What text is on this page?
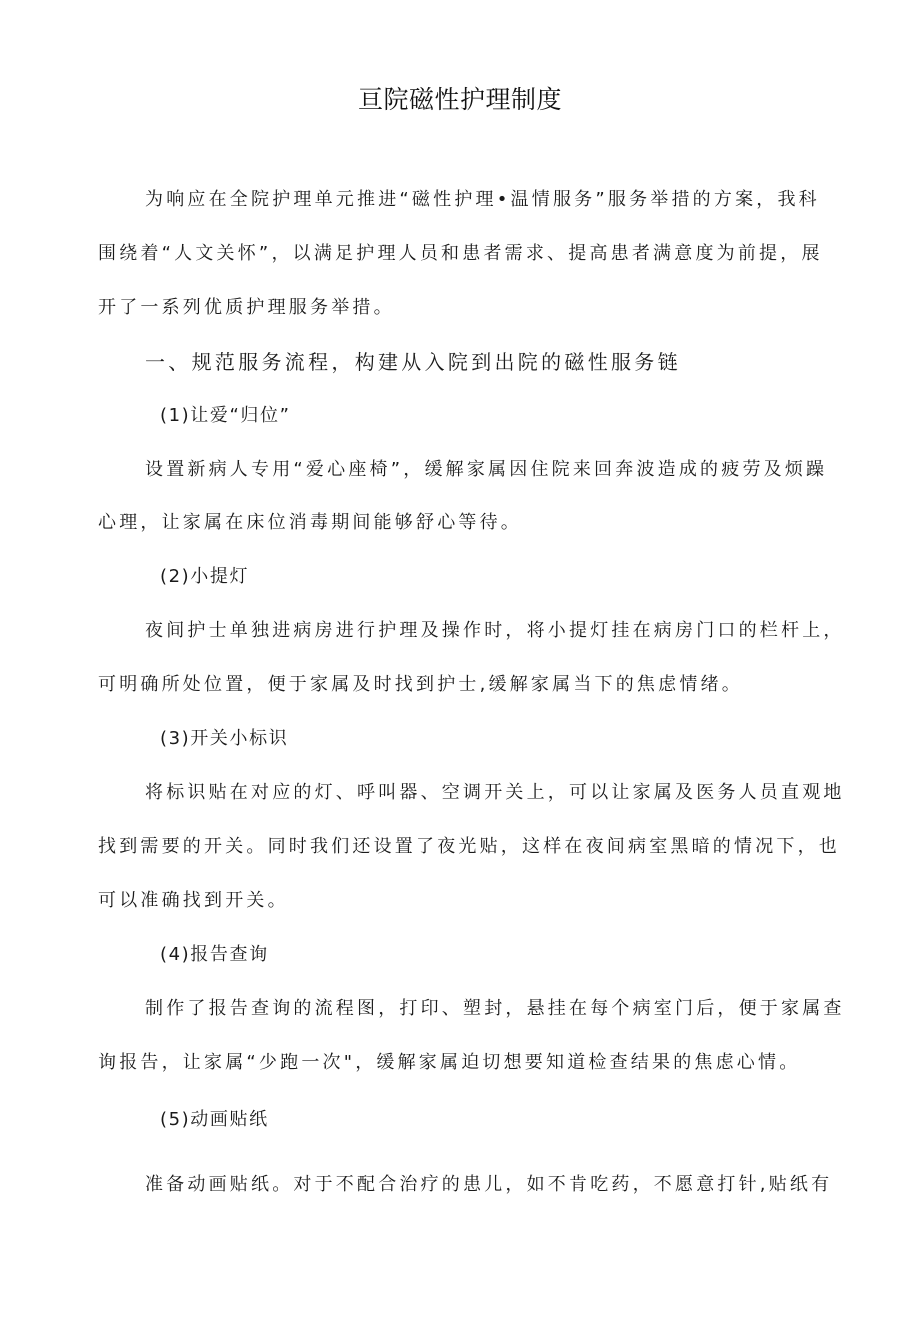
亘院磁性护理制度
为响应在全院护理单元推进“磁性护理•温情服务”服务举措的方案，我科
围绕着“人文关怀”，以满足护理人员和患者需求、提高患者满意度为前提，展
开了一系列优质护理服务举措。
一、规范服务流程，构建从入院到出院的磁性服务链
(1)让爱“归位”
设置新病人专用“爱心座椅”，缓解家属因住院来回奔波造成的疲劳及烦躁
心理，让家属在床位消毒期间能够舒心等待。
(2)小提灯
夜间护士单独进病房进行护理及操作时，将小提灯挂在病房门口的栏杆上，
可明确所处位置，便于家属及时找到护士,缓解家属当下的焦虑情绪。
(3)开关小标识
将标识贴在对应的灯、呼叫器、空调开关上，可以让家属及医务人员直观地
找到需要的开关。同时我们还设置了夜光贴，这样在夜间病室黑暗的情况下，也
可以准确找到开关。
(4)报告查询
制作了报告查询的流程图，打印、塑封，悬挂在每个病室门后，便于家属查
询报告，让家属“少跑一次"，缓解家属迫切想要知道检查结果的焦虑心情。
(5)动画贴纸
准备动画贴纸。对于不配合治疗的患儿，如不肯吃药，不愿意打针,贴纸有
